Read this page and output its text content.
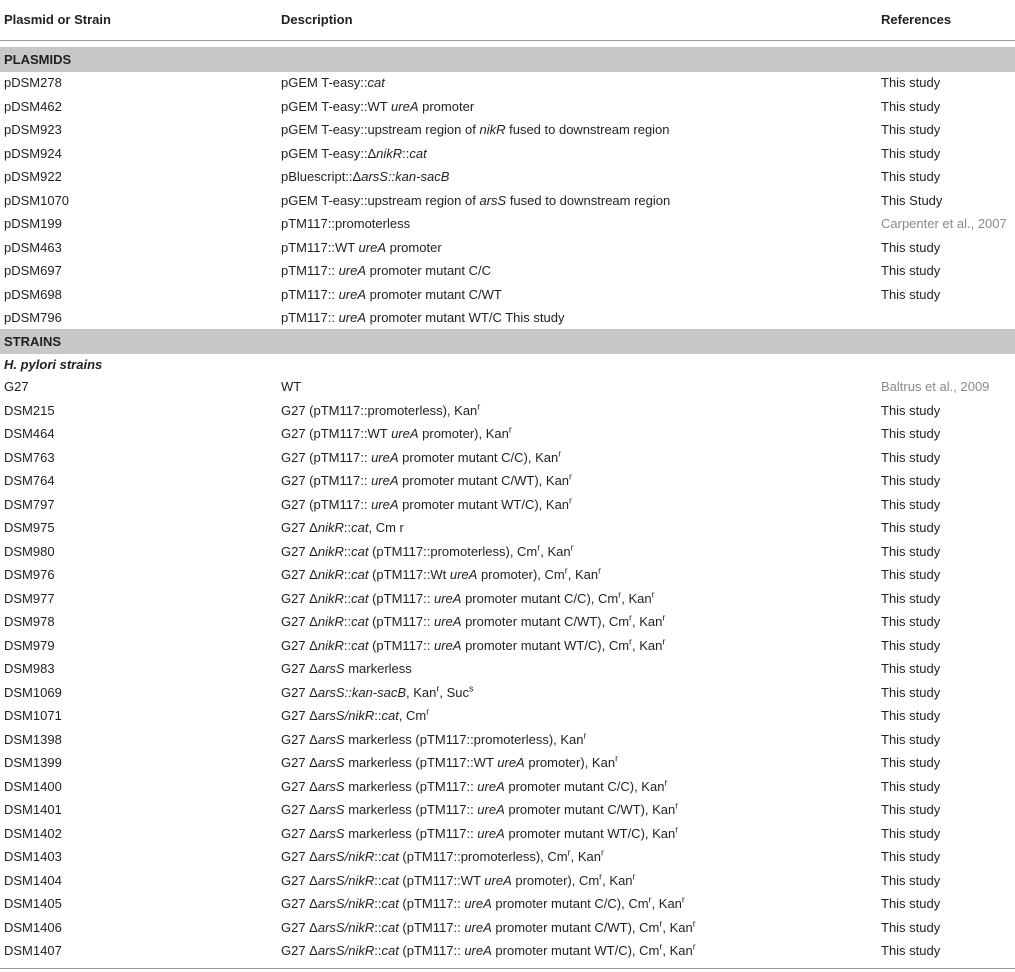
Plasmid or Strain	Description	References
PLASMIDS
pDSM278	pGEM T-easy::cat	This study
pDSM462	pGEM T-easy::WT ureA promoter	This study
pDSM923	pGEM T-easy::upstream region of nikR fused to downstream region	This study
pDSM924	pGEM T-easy::ΔnikR::cat	This study
pDSM922	pBluescript::ΔarsS::kan-sacB	This study
pDSM1070	pGEM T-easy::upstream region of arsS fused to downstream region	This Study
pDSM199	pTM117::promoterless	Carpenter et al., 2007
pDSM463	pTM117::WT ureA promoter	This study
pDSM697	pTM117:: ureA promoter mutant C/C	This study
pDSM698	pTM117:: ureA promoter mutant C/WT	This study
pDSM796	pTM117:: ureA promoter mutant WT/C This study
STRAINS
H. pylori strains
G27	WT	Baltrus et al., 2009
DSM215	G27 (pTM117::promoterless), Kan$^r$	This study
DSM464	G27 (pTM117::WT ureA promoter), Kan$^r$	This study
DSM763	G27 (pTM117:: ureA promoter mutant C/C), Kan$^r$	This study
DSM764	G27 (pTM117:: ureA promoter mutant C/WT), Kan$^r$	This study
DSM797	G27 (pTM117:: ureA promoter mutant WT/C), Kan$^r$	This study
DSM975	G27 ΔnikR::cat, Cm r	This study
DSM980	G27 ΔnikR::cat (pTM117::promoterless), Cm$^r$, Kan$^r$	This study
DSM976	G27 ΔnikR::cat (pTM117::Wt ureA promoter), Cm$^r$, Kan$^r$	This study
DSM977	G27 ΔnikR::cat (pTM117:: ureA promoter mutant C/C), Cm$^r$, Kan$^r$	This study
DSM978	G27 ΔnikR::cat (pTM117:: ureA promoter mutant C/WT), Cm$^r$, Kan$^r$	This study
DSM979	G27 ΔnikR::cat (pTM117:: ureA promoter mutant WT/C), Cm$^r$, Kan$^r$	This study
DSM983	G27 ΔarsS markerless	This study
DSM1069	G27 ΔarsS::kan-sacB, Kan$^r$, Suc$^s$	This study
DSM1071	G27 ΔarsS/nikR::cat, Cm$^r$	This study
DSM1398	G27 ΔarsS markerless (pTM117::promoterless), Kan$^r$	This study
DSM1399	G27 ΔarsS markerless (pTM117::WT ureA promoter), Kan$^r$	This study
DSM1400	G27 ΔarsS markerless (pTM117:: ureA promoter mutant C/C), Kan$^r$	This study
DSM1401	G27 ΔarsS markerless (pTM117:: ureA promoter mutant C/WT), Kan$^r$	This study
DSM1402	G27 ΔarsS markerless (pTM117:: ureA promoter mutant WT/C), Kan$^r$	This study
DSM1403	G27 ΔarsS/nikR::cat (pTM117::promoterless), Cm$^r$, Kan$^r$	This study
DSM1404	G27 ΔarsS/nikR::cat (pTM117::WT ureA promoter), Cm$^r$, Kan$^r$	This study
DSM1405	G27 ΔarsS/nikR::cat (pTM117:: ureA promoter mutant C/C), Cm$^r$, Kan$^r$	This study
DSM1406	G27 ΔarsS/nikR::cat (pTM117:: ureA promoter mutant C/WT), Cm$^r$, Kan$^r$	This study
DSM1407	G27 ΔarsS/nikR::cat (pTM117:: ureA promoter mutant WT/C), Cm$^r$, Kan$^r$	This study
